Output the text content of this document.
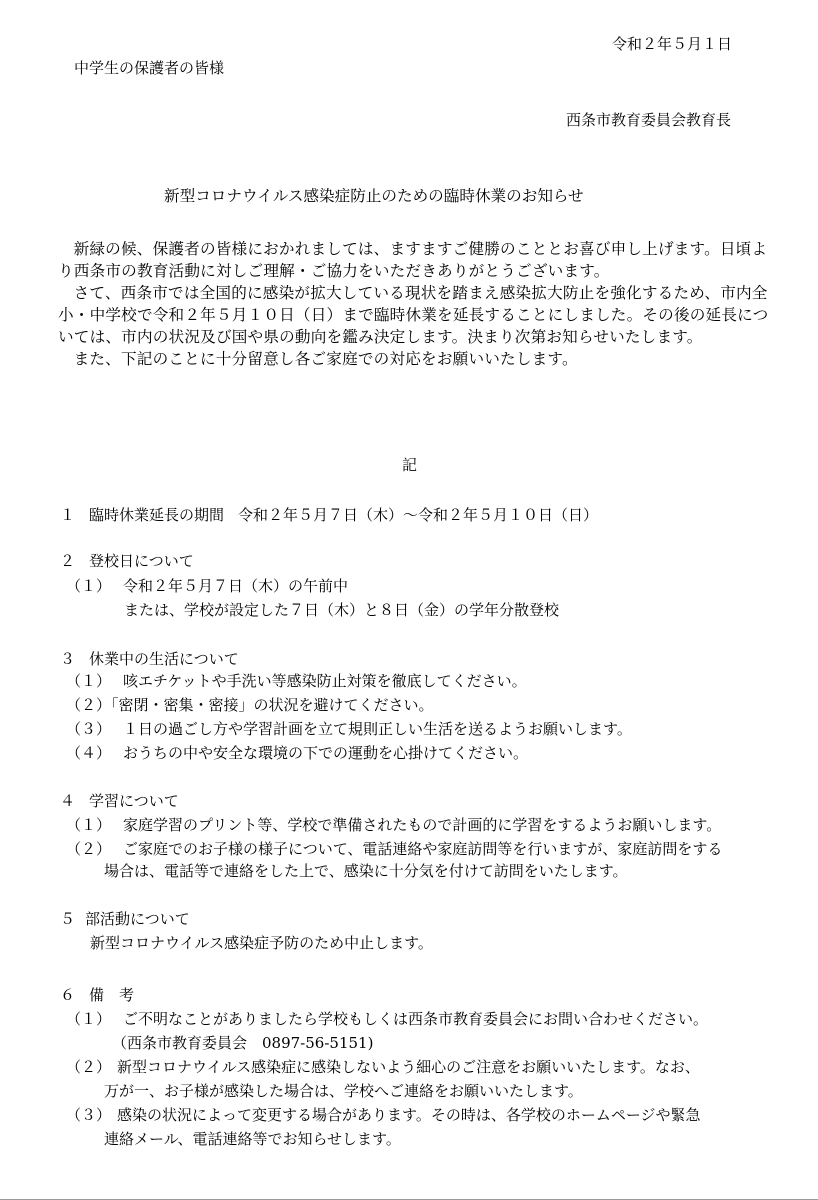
令和２年５月１日
中学生の保護者の皆様
西条市教育委員会教育長
新型コロナウイルス感染症防止のための臨時休業のお知らせ

新緑の候、保護者の皆様におかれましては、ますますご健勝のこととお喜び申し上げます。日頃より西条市の教育活動に対しご理解・ご協力をいただきありがとうございます。

さて、西条市では全国的に感染が拡大している現状を踏まえ感染拡大防止を強化するため、市内全小・中学校で令和２年５月１０日（日）まで臨時休業を延長することにしました。その後の延長については、市内の状況及び国や県の動向を鑑み決定します。決まり次第お知らせいたします。

また、下記のことに十分留意し各ご家庭での対応をお願いいたします。

記
１ 臨時休業延長の期間 令和２年５月７日（木）～令和２年５月１０日（日）
２ 登校日について
（１） 令和２年５月７日（木）の午前中
または、学校が設定した７日（木）と８日（金）の学年分散登校
３ 休業中の生活について
（１） 咳エチケットや手洗い等感染防止対策を徹底してください。
（２）「密閉・密集・密接」の状況を避けてください。
（３） １日の過ごし方や学習計画を立て規則正しい生活を送るようお願いします。
（４） おうちの中や安全な環境の下での運動を心掛けてください。
４ 学習について
（１） 家庭学習のプリント等、学校で準備されたもので計画的に学習をするようお願いします。
（２） ご家庭でのお子様の様子について、電話連絡や家庭訪問等を行いますが、家庭訪問をする
場合は、電話等で連絡をした上で、感染に十分気を付けて訪問をいたします。
５ 部活動について
新型コロナウイルス感染症予防のため中止します。
６ 備　考
（１） ご不明なことがありましたら学校もしくは西条市教育委員会にお問い合わせください。
（西条市教育委員会　0897-56-5151)
（２） 新型コロナウイルス感染症に感染しないよう細心のご注意をお願いいたします。なお、
万が一、お子様が感染した場合は、学校へご連絡をお願いいたします。
（３） 感染の状況によって変更する場合があります。その時は、各学校のホームページや緊急
連絡メール、電話連絡等でお知らせします。
